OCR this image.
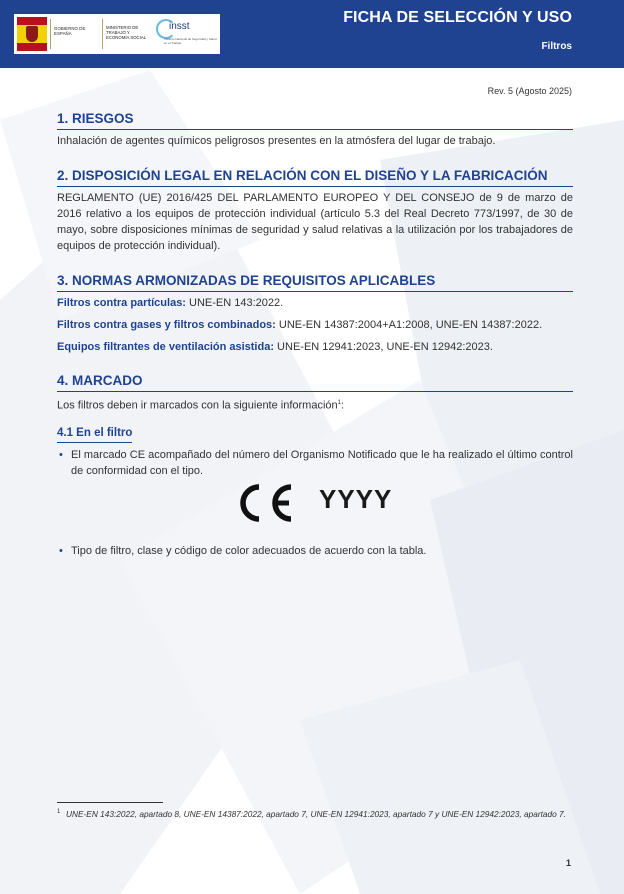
GOBIERNO DE ESPAÑA
MINISTERIO DE TRABAJO Y ECONOMÍA SOCIAL
insst
Instituto Nacional de Seguridad y Salud en el Trabajo
FICHA DE SELECCIÓN Y USO
Filtros
Rev. 5 (Agosto 2025)
1. RIESGOS

Inhalación de agentes químicos peligrosos presentes en la atmósfera del lugar de trabajo.

2. DISPOSICIÓN LEGAL EN RELACIÓN CON EL DISEÑO Y LA FABRICACIÓN

REGLAMENTO (UE) 2016/425 DEL PARLAMENTO EUROPEO Y DEL CONSEJO de 9 de marzo de 2016 relativo a los equipos de protección individual (artículo 5.3 del Real Decreto 773/1997, de 30 de mayo, sobre disposiciones mínimas de seguridad y salud relativas a la utilización por los trabajadores de equipos de protección individual).

3. NORMAS ARMONIZADAS DE REQUISITOS APLICABLES

Filtros contra partículas: UNE-EN 143:2022.

Filtros contra gases y filtros combinados: UNE-EN 14387:2004+A1:2008, UNE-EN 14387:2022.

Equipos filtrantes de ventilación asistida: UNE-EN 12941:2023, UNE-EN 12942:2023.

4. MARCADO

Los filtros deben ir marcados con la siguiente información$^1$:

4.1 En el filtro
• El marcado CE acompañado del número del Organismo Notificado que le ha realizado el último control de conformidad con el tipo.
YYYY
• Tipo de filtro, clase y código de color adecuados de acuerdo con la tabla.
1 UNE-EN 143:2022, apartado 8, UNE-EN 14387:2022, apartado 7, UNE-EN 12941:2023, apartado 7 y UNE-EN 12942:2023, apartado 7.
1
